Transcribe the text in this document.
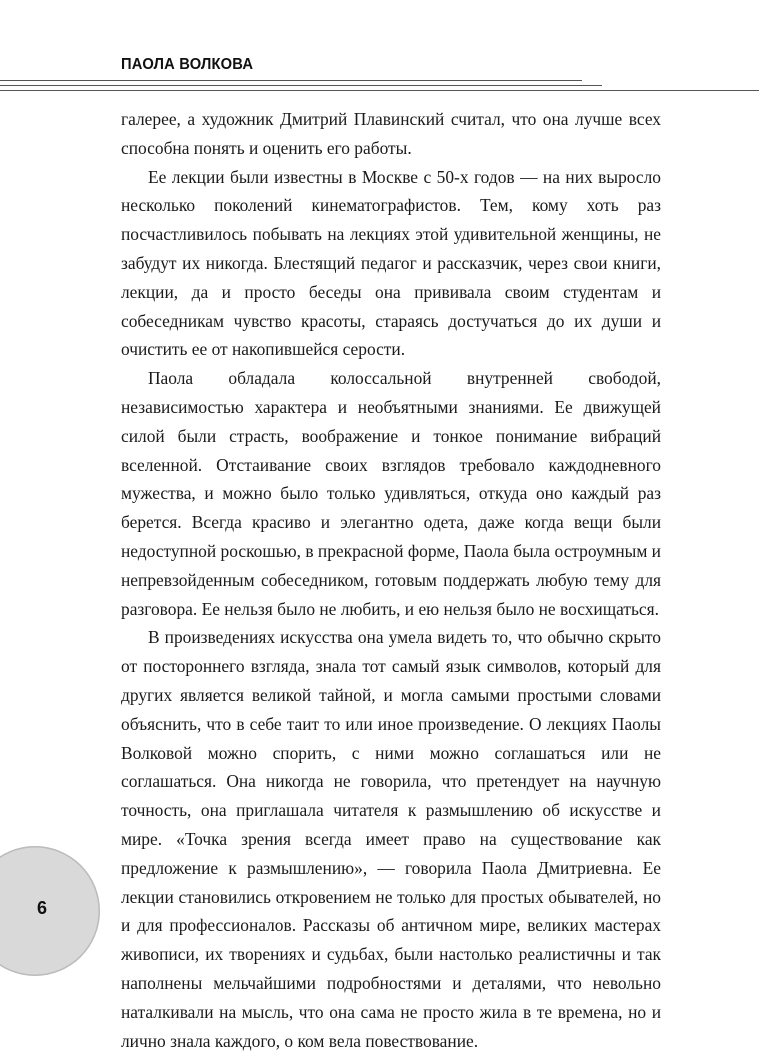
ПАОЛА ВОЛКОВА

галерее, а художник Дмитрий Плавинский считал, что она лучше всех способна понять и оценить его работы.

Ее лекции были известны в Москве с 50-х годов — на них выросло несколько поколений кинематографистов. Тем, кому хоть раз посчастливилось побывать на лекциях этой удивительной женщины, не забудут их никогда. Блестящий педагог и рассказчик, через свои книги, лекции, да и просто беседы она прививала своим студентам и собеседникам чувство красоты, стараясь достучаться до их души и очистить ее от накопившейся серости.

Паола обладала колоссальной внутренней свободой, независимостью характера и необъятными знаниями. Ее движущей силой были страсть, воображение и тонкое понимание вибраций вселенной. Отстаивание своих взглядов требовало каждодневного мужества, и можно было только удивляться, откуда оно каждый раз берется. Всегда красиво и элегантно одета, даже когда вещи были недоступной роскошью, в прекрасной форме, Паола была остроумным и непревзойденным собеседником, готовым поддержать любую тему для разговора. Ее нельзя было не любить, и ею нельзя было не восхищаться.

В произведениях искусства она умела видеть то, что обычно скрыто от постороннего взгляда, знала тот самый язык символов, который для других является великой тайной, и могла самыми простыми словами объяснить, что в себе таит то или иное произведение. О лекциях Паолы Волковой можно спорить, с ними можно соглашаться или не соглашаться. Она никогда не говорила, что претендует на научную точность, она приглашала читателя к размышлению об искусстве и мире. «Точка зрения всегда имеет право на существование как предложение к размышлению», — говорила Паола Дмитриевна. Ее лекции становились откровением не только для простых обывателей, но и для профессионалов. Рассказы об античном мире, великих мастерах живописи, их творениях и судьбах, были настолько реалистичны и так наполнены мельчайшими подробностями и деталями, что невольно наталкивали на мысль, что она сама не просто жила в те времена, но и лично знала каждого, о ком вела повествование.

6
